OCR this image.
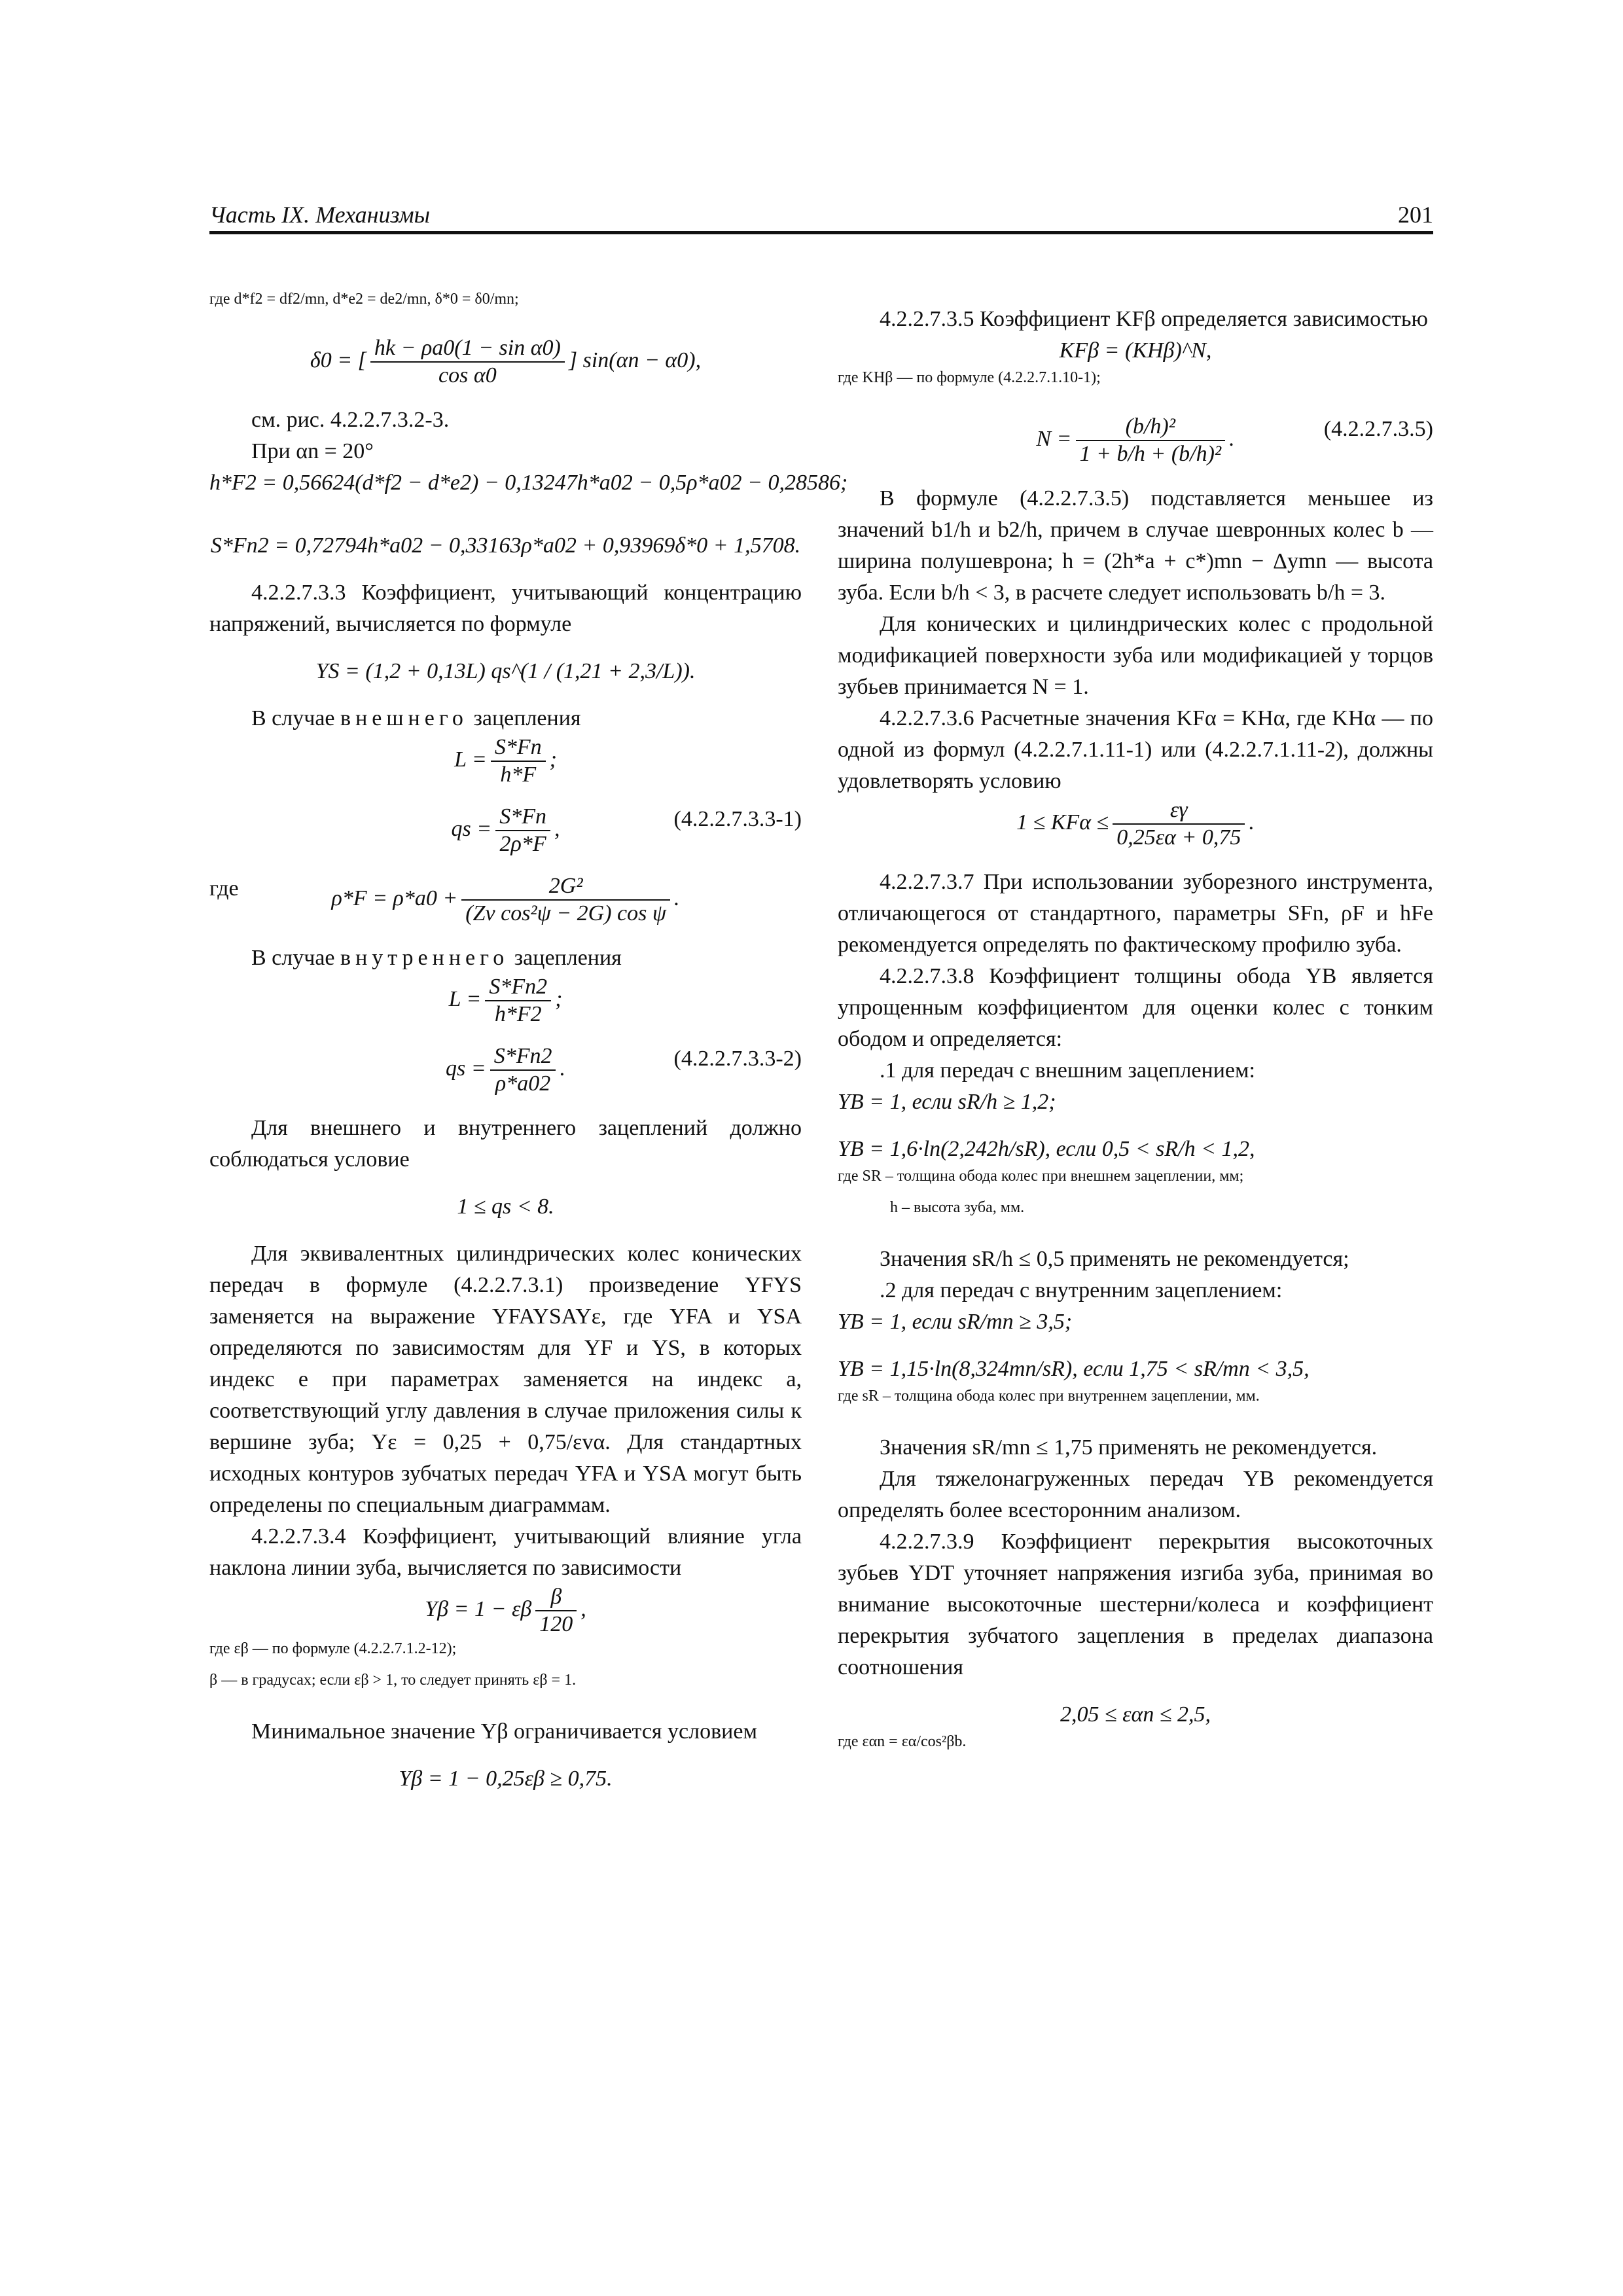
Часть IX. Механизмы	201
где d*f2 = df2/mn, d*e2 = de2/mn, δ*0 = δ0/mn;
δ0 = [ $\frac{\text{hk − ρa0(1 − sin α0)}}{\text{cos α0}}$ ] sin(αn − α0),
см. рис. 4.2.2.7.3.2-3.
При αn = 20°
h*F2 = 0,56624(d*f2 − d*e2) − 0,13247h*a02 − 0,5ρ*a02 − 0,28586;
S*Fn2 = 0,72794h*a02 − 0,33163ρ*a02 + 0,93969δ*0 + 1,5708.
4.2.2.7.3.3 Коэффициент, учитывающий концентрацию напряжений, вычисляется по формуле
YS = (1,2 + 0,13L) qs^(1 / (1,21 + 2,3/L)).
В случае внешнего зацепления
$L = \frac{S*Fn}{h*F}$ ;
qs = $\frac{S*Fn}{2\rho*F}$ ,	(4.2.2.7.3.3-1)
где	$\rho*F = \rho*a0 + \frac{\text{2G²}}{\text{(Zv cos²ψ − 2G) cos ψ}}$ .
В случае внутреннего зацепления
$L = \frac{S*Fn2}{h*F2}$ ;
qs = $\frac{S*Fn2}{\rho*a02}$ .	(4.2.2.7.3.3-2)
Для внешнего и внутреннего зацеплений должно соблюдаться условие
1 ≤ qs < 8.
Для эквивалентных цилиндрических колес конических передач в формуле (4.2.2.7.3.1) произведение YFYS заменяется на выражение YFAYSAYε, где YFA и YSA определяются по зависимостям для YF и YS, в которых индекс e при параметрах заменяется на индекс a, соответствующий углу давления в случае приложения силы к вершине зуба; Yε = 0,25 + 0,75/εvα. Для стандартных исходных контуров зубчатых передач YFA и YSA могут быть определены по специальным диаграммам.
4.2.2.7.3.4 Коэффициент, учитывающий влияние угла наклона линии зуба, вычисляется по зависимости
Yβ = 1 − εβ $\frac{\beta}{120}$ ,
где εβ — по формуле (4.2.2.7.1.2-12);
β — в градусах; если εβ > 1, то следует принять εβ = 1.
Минимальное значение Yβ ограничивается условием
Yβ = 1 − 0,25εβ ≥ 0,75.
4.2.2.7.3.5 Коэффициент KFβ определяется зависимостью
KFβ = (KHβ)^N,
где KHβ — по формуле (4.2.2.7.1.10-1);
$N = \frac{\text{(b/h)²}}{\text{1 + b/h + (b/h)²}}$ .	(4.2.2.7.3.5)
В формуле (4.2.2.7.3.5) подставляется меньшее из значений b1/h и b2/h, причем в случае шевронных колес b — ширина полушеврона; h = (2h*a + c*)mn − Δymn — высота зуба. Если b/h < 3, в расчете следует использовать b/h = 3.
Для конических и цилиндрических колес с продольной модификацией поверхности зуба или модификацией у торцов зубьев принимается N = 1.
4.2.2.7.3.6 Расчетные значения KFα = KHα, где KHα — по одной из формул (4.2.2.7.1.11-1) или (4.2.2.7.1.11-2), должны удовлетворять условию
$1 \le KF\alpha \le \frac{\varepsilon\gamma}{0,25\varepsilon\alpha + 0,75}$ .
4.2.2.7.3.7 При использовании зуборезного инструмента, отличающегося от стандартного, параметры SFn, ρF и hFe рекомендуется определять по фактическому профилю зуба.
4.2.2.7.3.8 Коэффициент толщины обода YB является упрощенным коэффициентом для оценки колес с тонким ободом и определяется:
.1 для передач с внешним зацеплением:
YB = 1, если sR/h ≥ 1,2;
YB = 1,6·ln(2,242h/sR), если 0,5 < sR/h < 1,2,
где SR – толщина обода колес при внешнем зацеплении, мм;
h – высота зуба, мм.
Значения sR/h ≤ 0,5 применять не рекомендуется;
.2 для передач с внутренним зацеплением:
YB = 1, если sR/mn ≥ 3,5;
YB = 1,15·ln(8,324mn/sR), если 1,75 < sR/mn < 3,5,
где sR – толщина обода колес при внутреннем зацеплении, мм.
Значения sR/mn ≤ 1,75 применять не рекомендуется.
Для тяжелонагруженных передач YB рекомендуется определять более всесторонним анализом.
4.2.2.7.3.9 Коэффициент перекрытия высокоточных зубьев YDT уточняет напряжения изгиба зуба, принимая во внимание высокоточные шестерни/колеса и коэффициент перекрытия зубчатого зацепления в пределах диапазона соотношения
2,05 ≤ εαn ≤ 2,5,
где εαn = εα/cos²βb.
